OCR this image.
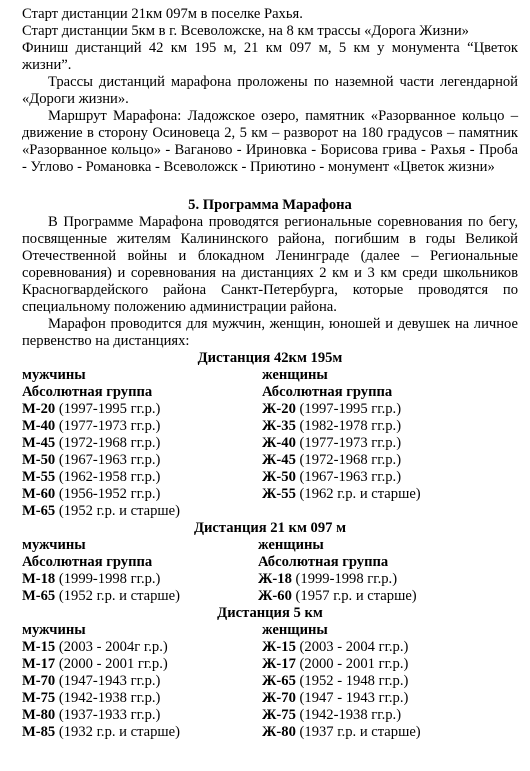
Старт дистанции 21км 097м в поселке Рахья.

Старт дистанции 5км в г. Всеволожске, на 8 км трассы «Дорога Жизни»

Финиш дистанций 42 км 195 м, 21 км 097 м, 5 км у монумента “Цветок жизни”.

Трассы дистанций марафона проложены по наземной части легендарной «Дороги жизни».

Маршрут Марафона: Ладожское озеро, памятник «Разорванное кольцо – движение в сторону Осиновеца 2, 5 км – разворот на 180 градусов – памятник «Разорванное кольцо» - Ваганово - Ириновка - Борисова грива - Рахья - Проба - Углово - Романовка - Всеволожск - Приютино - монумент «Цветок жизни»

5. Программа Марафона

В Программе Марафона проводятся региональные соревнования по бегу, посвященные жителям Калининского района, погибшим в годы Великой Отечественной войны и блокадном Ленинграде (далее – Региональные соревнования) и соревнования на дистанциях 2 км и 3 км среди школьников Красногвардейского района Санкт-Петербурга, которые проводятся по специальному положению администрации района.

Марафон проводится для мужчин, женщин, юношей и девушек на личное первенство на дистанциях:

Дистанция 42км 195м

мужчины

Абсолютная группа

М-20 (1997-1995 гг.р.)

М-40 (1977-1973 гг.р.)

М-45 (1972-1968 гг.р.)

М-50 (1967-1963 гг.р.)

М-55 (1962-1958 гг.р.)

М-60 (1956-1952 гг.р.)

М-65 (1952 г.р. и старше)

женщины

Абсолютная группа

Ж-20 (1997-1995 гг.р.)

Ж-35 (1982-1978 гг.р.)

Ж-40 (1977-1973 гг.р.)

Ж-45 (1972-1968 гг.р.)

Ж-50 (1967-1963 гг.р.)

Ж-55 (1962 г.р. и старше)

Дистанция 21 км 097 м

мужчины

Абсолютная группа

М-18 (1999-1998 гг.р.)

М-65 (1952 г.р. и старше)

женщины

Абсолютная группа

Ж-18 (1999-1998 гг.р.)

Ж-60 (1957 г.р. и старше)

Дистанция 5 км

мужчины

М-15 (2003 - 2004г г.р.)

М-17 (2000 - 2001 гг.р.)

М-70 (1947-1943 гг.р.)

М-75 (1942-1938 гг.р.)

М-80 (1937-1933 гг.р.)

М-85 (1932 г.р. и старше)

женщины

Ж-15 (2003 - 2004 гг.р.)

Ж-17 (2000 - 2001 гг.р.)

Ж-65 (1952 - 1948 гг.р.)

Ж-70 (1947 - 1943 гг.р.)

Ж-75 (1942-1938 гг.р.)

Ж-80 (1937 г.р. и старше)
